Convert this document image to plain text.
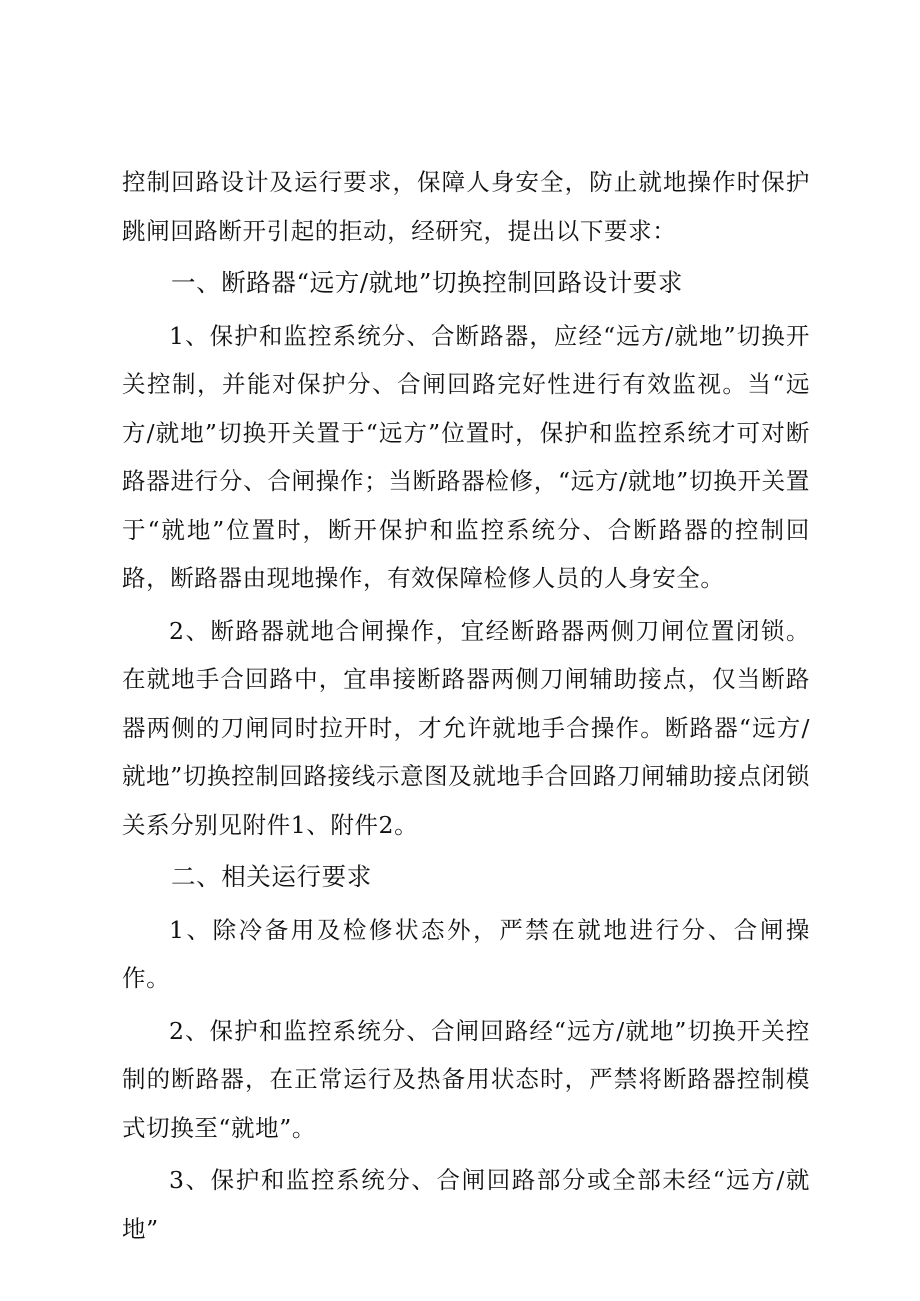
控制回路设计及运行要求，保障人身安全，防止就地操作时保护跳闸回路断开引起的拒动，经研究，提出以下要求：

一、断路器“远方/就地”切换控制回路设计要求

1、保护和监控系统分、合断路器，应经“远方/就地”切换开关控制，并能对保护分、合闸回路完好性进行有效监视。当“远方/就地”切换开关置于“远方”位置时，保护和监控系统才可对断路器进行分、合闸操作；当断路器检修，“远方/就地”切换开关置于“就地”位置时，断开保护和监控系统分、合断路器的控制回路，断路器由现地操作，有效保障检修人员的人身安全。

2、断路器就地合闸操作，宜经断路器两侧刀闸位置闭锁。在就地手合回路中，宜串接断路器两侧刀闸辅助接点，仅当断路器两侧的刀闸同时拉开时，才允许就地手合操作。断路器“远方/就地”切换控制回路接线示意图及就地手合回路刀闸辅助接点闭锁关系分别见附件1、附件2。

二、相关运行要求

1、除冷备用及检修状态外，严禁在就地进行分、合闸操作。

2、保护和监控系统分、合闸回路经“远方/就地”切换开关控制的断路器，在正常运行及热备用状态时，严禁将断路器控制模式切换至“就地”。

3、保护和监控系统分、合闸回路部分或全部未经“远方/就地”
